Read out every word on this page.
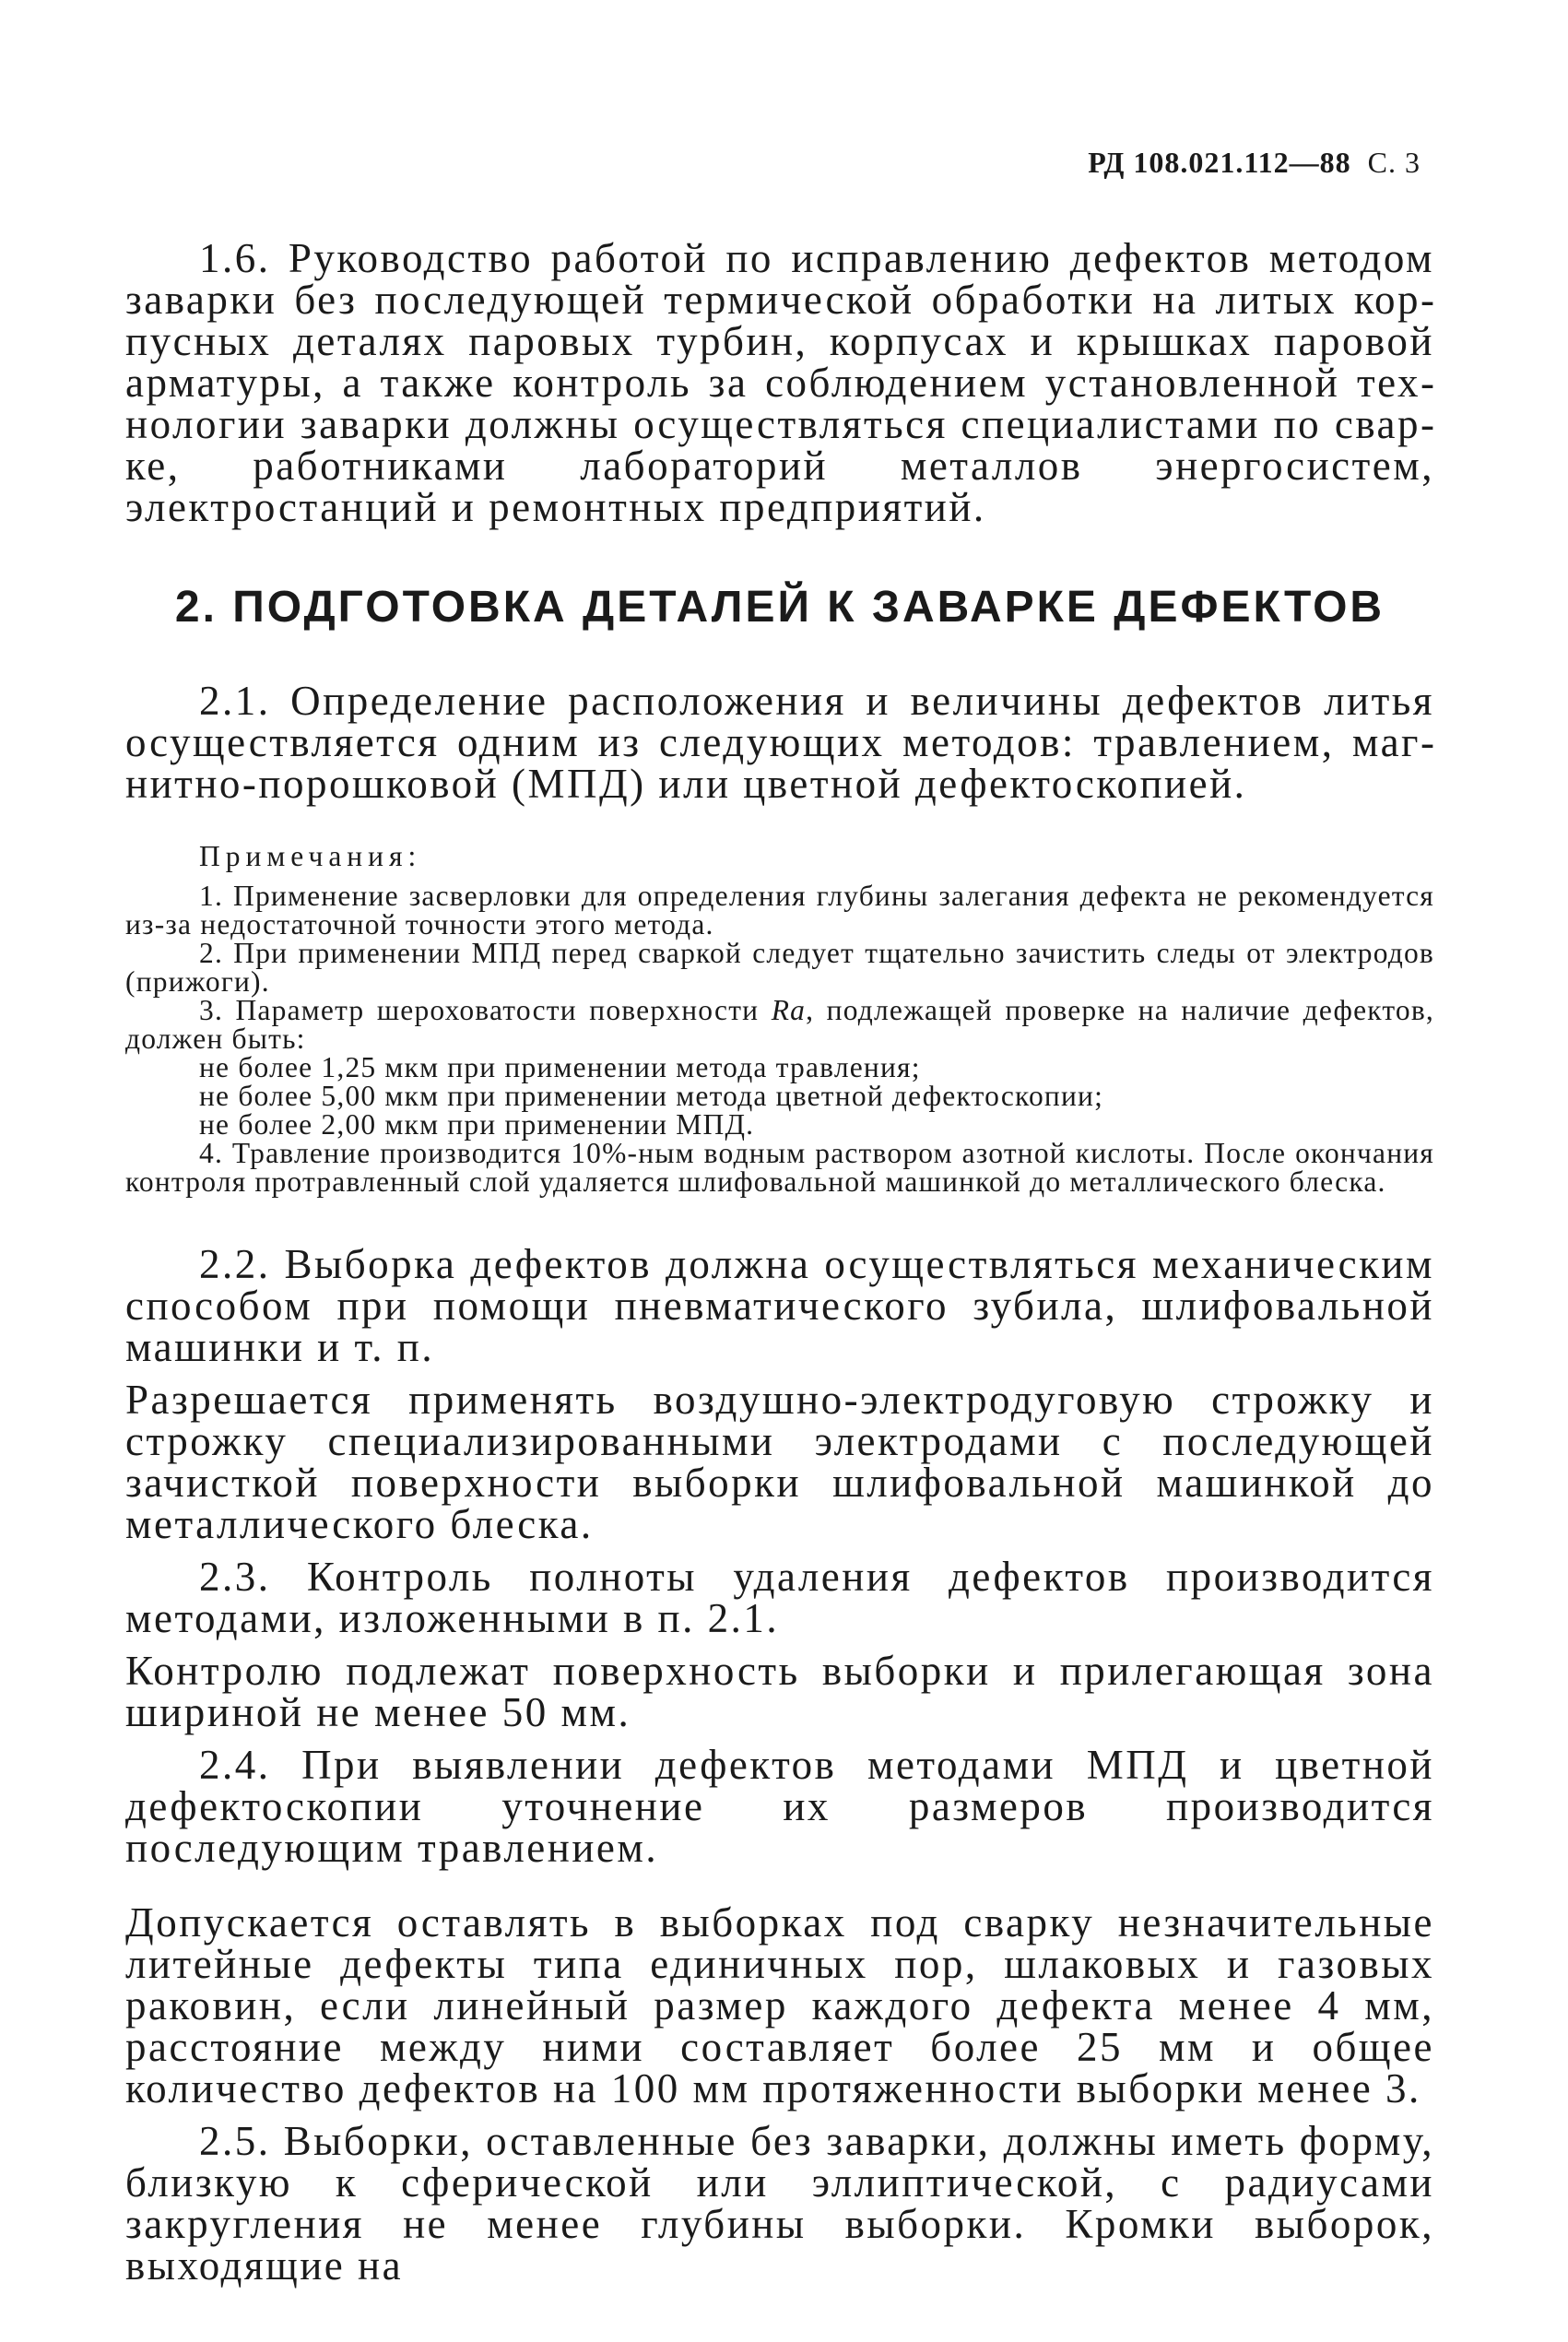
РД 108.021.112—88 С. 3

1.6. Руководство работой по исправлению дефектов методом заварки без последующей термической обработки на литых корпусных деталях паровых турбин, корпусах и крышках паровой арматуры, а также контроль за соблюдением установленной технологии заварки должны осуществляться специалистами по сварке, работниками лабораторий металлов энергосистем, электростанций и ремонтных предприятий.

2. ПОДГОТОВКА ДЕТАЛЕЙ К ЗАВАРКЕ ДЕФЕКТОВ

2.1. Определение расположения и величины дефектов литья осуществляется одним из следующих методов: травлением, магнитно-порошковой (МПД) или цветной дефектоскопией.

Примечания:

1. Применение засверловки для определения глубины залегания дефекта не рекомендуется из-за недостаточной точности этого метода.

2. При применении МПД перед сваркой следует тщательно зачистить следы от электродов (прижоги).

3. Параметр шероховатости поверхности Ra, подлежащей проверке на наличие дефектов, должен быть:

не более 1,25 мкм при применении метода травления;

не более 5,00 мкм при применении метода цветной дефектоскопии;

не более 2,00 мкм при применении МПД.

4. Травление производится 10%-ным водным раствором азотной кислоты. После окончания контроля протравленный слой удаляется шлифовальной машинкой до металлического блеска.

2.2. Выборка дефектов должна осуществляться механическим способом при помощи пневматического зубила, шлифовальной машинки и т. п.

Разрешается применять воздушно-электродуговую строжку и строжку специализированными электродами с последующей зачисткой поверхности выборки шлифовальной машинкой до металлического блеска.

2.3. Контроль полноты удаления дефектов производится методами, изложенными в п. 2.1.

Контролю подлежат поверхность выборки и прилегающая зона шириной не менее 50 мм.

2.4. При выявлении дефектов методами МПД и цветной дефектоскопии уточнение их размеров производится последующим травлением.

Допускается оставлять в выборках под сварку незначительные литейные дефекты типа единичных пор, шлаковых и газовых раковин, если линейный размер каждого дефекта менее 4 мм, расстояние между ними составляет более 25 мм и общее количество дефектов на 100 мм протяженности выборки менее 3.

2.5. Выборки, оставленные без заварки, должны иметь форму, близкую к сферической или эллиптической, с радиусами закругления не менее глубины выборки. Кромки выборок, выходящие на
